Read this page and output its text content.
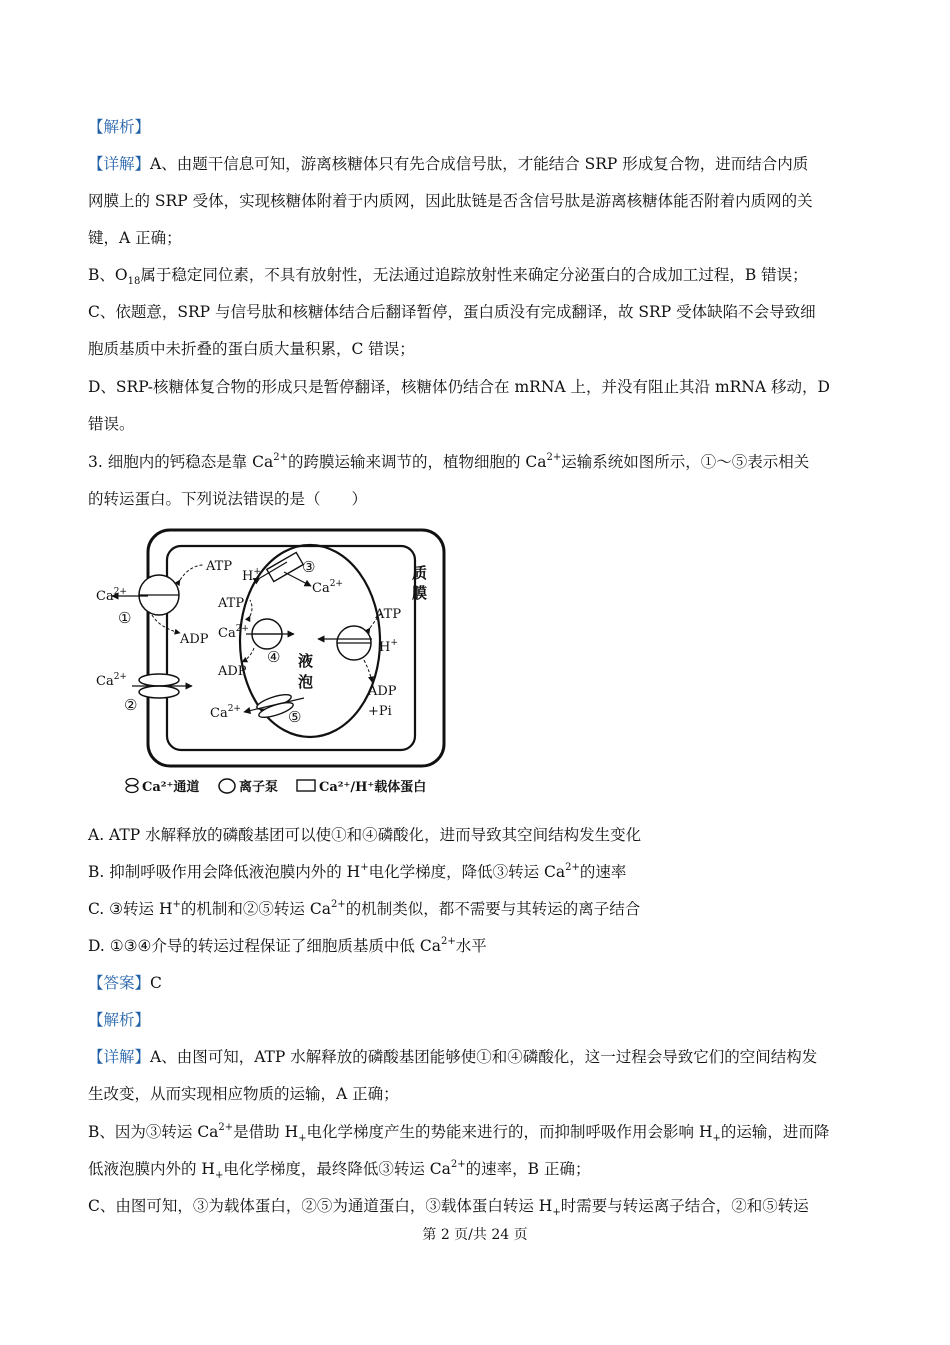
【解析】
【详解】A、由题干信息可知，游离核糖体只有先合成信号肽，才能结合 SRP 形成复合物，进而结合内质
网膜上的 SRP 受体，实现核糖体附着于内质网，因此肽链是否含信号肽是游离核糖体能否附着内质网的关
键，A 正确；
B、$O_{18}$属于稳定同位素，不具有放射性，无法通过追踪放射性来确定分泌蛋白的合成加工过程，B 错误；
C、依题意，SRP 与信号肽和核糖体结合后翻译暂停，蛋白质没有完成翻译，故 SRP 受体缺陷不会导致细
胞质基质中未折叠的蛋白质大量积累，C 错误；
D、SRP-核糖体复合物的形成只是暂停翻译，核糖体仍结合在 mRNA 上，并没有阻止其沿 mRNA 移动，D
错误。
3. 细胞内的钙稳态是靠 $Ca^{2+}$的跨膜运输来调节的，植物细胞的 $Ca^{2+}$运输系统如图所示，①～⑤表示相关
的转运蛋白。下列说法错误的是（　　）
$Ca^{2+}$
ATP
ADP
①
$Ca^{2+}$
②
H+	③
$Ca^{2+}$
ATP
$Ca^{2+}$
ADP
④
ATP
H+
ADP
+Pi
$Ca^{2+}$	⑤
液
泡
质
膜
Ca²⁺通道	离子泵	Ca²⁺/H⁺载体蛋白
A. ATP 水解释放的磷酸基团可以使①和④磷酸化，进而导致其空间结构发生变化
B. 抑制呼吸作用会降低液泡膜内外的 H+电化学梯度，降低③转运 $Ca^{2+}$的速率
C. ③转运 H+的机制和②⑤转运 $Ca^{2+}$的机制类似，都不需要与其转运的离子结合
D. ①③④介导的转运过程保证了细胞质基质中低 $Ca^{2+}$水平
【答案】C
【解析】
【详解】A、由图可知，ATP 水解释放的磷酸基团能够使①和④磷酸化，这一过程会导致它们的空间结构发
生改变，从而实现相应物质的运输，A 正确；
B、因为③转运 $Ca^{2+}$是借助 $H_+$电化学梯度产生的势能来进行的，而抑制呼吸作用会影响 $H_+$的运输，进而降
低液泡膜内外的 $H_+$电化学梯度，最终降低③转运 $Ca^{2+}$的速率，B 正确；
C、由图可知，③为载体蛋白，②⑤为通道蛋白，③载体蛋白转运 $H_+$时需要与转运离子结合，②和⑤转运
第 2 页/共 24 页
